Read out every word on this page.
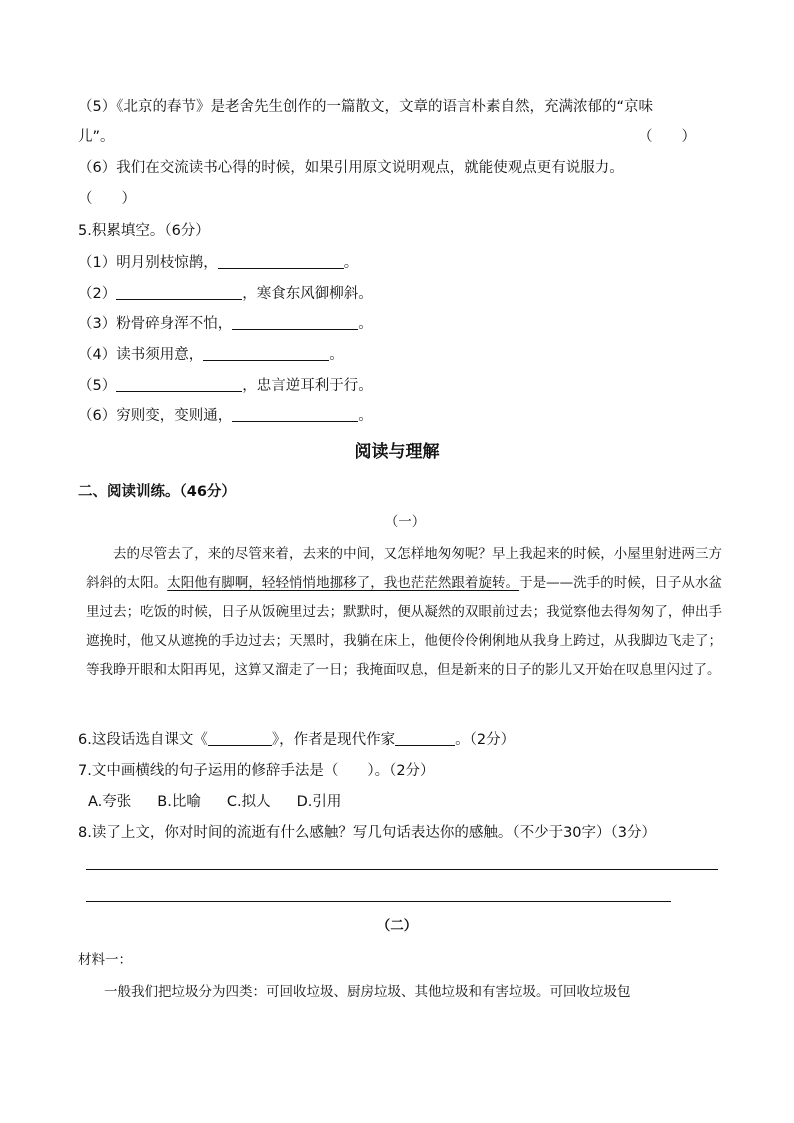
（5）《北京的春节》是老舍先生创作的一篇散文，文章的语言朴素自然，充满浓郁的“京味
儿”。	（　　）
（6）我们在交流读书心得的时候，如果引用原文说明观点，就能使观点更有说服力。
（　　）
5.积累填空。（6分）
（1）明月别枝惊鹊，	。
（2）	，寒食东风御柳斜。
（3）粉骨碎身浑不怕，	。
（4）读书须用意，	。
（5）	，忠言逆耳利于行。
（6）穷则变，变则通，	。
阅读与理解
二、阅读训练。（46分）
（一）
去的尽管去了，来的尽管来着，去来的中间，又怎样地匆匆呢？早上我起来的时候，小屋里射进两三方斜斜的太阳。太阳他有脚啊，轻轻悄悄地挪移了，我也茫茫然跟着旋转。于是——洗手的时候，日子从水盆里过去；吃饭的时候，日子从饭碗里过去；默默时，便从凝然的双眼前过去；我觉察他去得匆匆了，伸出手遮挽时，他又从遮挽的手边过去；天黑时，我躺在床上，他便伶伶俐俐地从我身上跨过，从我脚边飞走了；等我睁开眼和太阳再见，这算又溜走了一日；我掩面叹息，但是新来的日子的影儿又开始在叹息里闪过了。
6.这段话选自课文《	》，作者是现代作家	。（2分）
7.文中画横线的句子运用的修辞手法是（　　）。（2分）
A.夸张 B.比喻 C.拟人 D.引用
8.读了上文，你对时间的流逝有什么感触？写几句话表达你的感触。（不少于30字）（3分）
（二）
材料一：
一般我们把垃圾分为四类：可回收垃圾、厨房垃圾、其他垃圾和有害垃圾。可回收垃圾包
